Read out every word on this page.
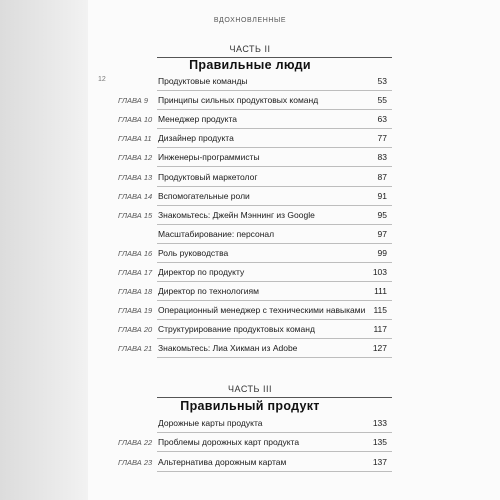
ВДОХНОВЛЕННЫЕ
12
ЧАСТЬ II
Правильные люди
Продуктовые команды	53
ГЛАВА 9 Принципы сильных продуктовых команд	55
ГЛАВА 10 Менеджер продукта	63
ГЛАВА 11 Дизайнер продукта	77
ГЛАВА 12 Инженеры-программисты	83
ГЛАВА 13 Продуктовый маркетолог	87
ГЛАВА 14 Вспомогательные роли	91
ГЛАВА 15 Знакомьтесь: Джейн Мэннинг из Google	95
Масштабирование: персонал	97
ГЛАВА 16 Роль руководства	99
ГЛАВА 17 Директор по продукту	103
ГЛАВА 18 Директор по технологиям	111
ГЛАВА 19 Операционный менеджер с техническими навыками 115
ГЛАВА 20 Структурирование продуктовых команд	117
ГЛАВА 21 Знакомьтесь: Лиа Хикман из Adobe	127
ЧАСТЬ III
Правильный продукт
Дорожные карты продукта	133
ГЛАВА 22 Проблемы дорожных карт продукта	135
ГЛАВА 23 Альтернатива дорожным картам	137
